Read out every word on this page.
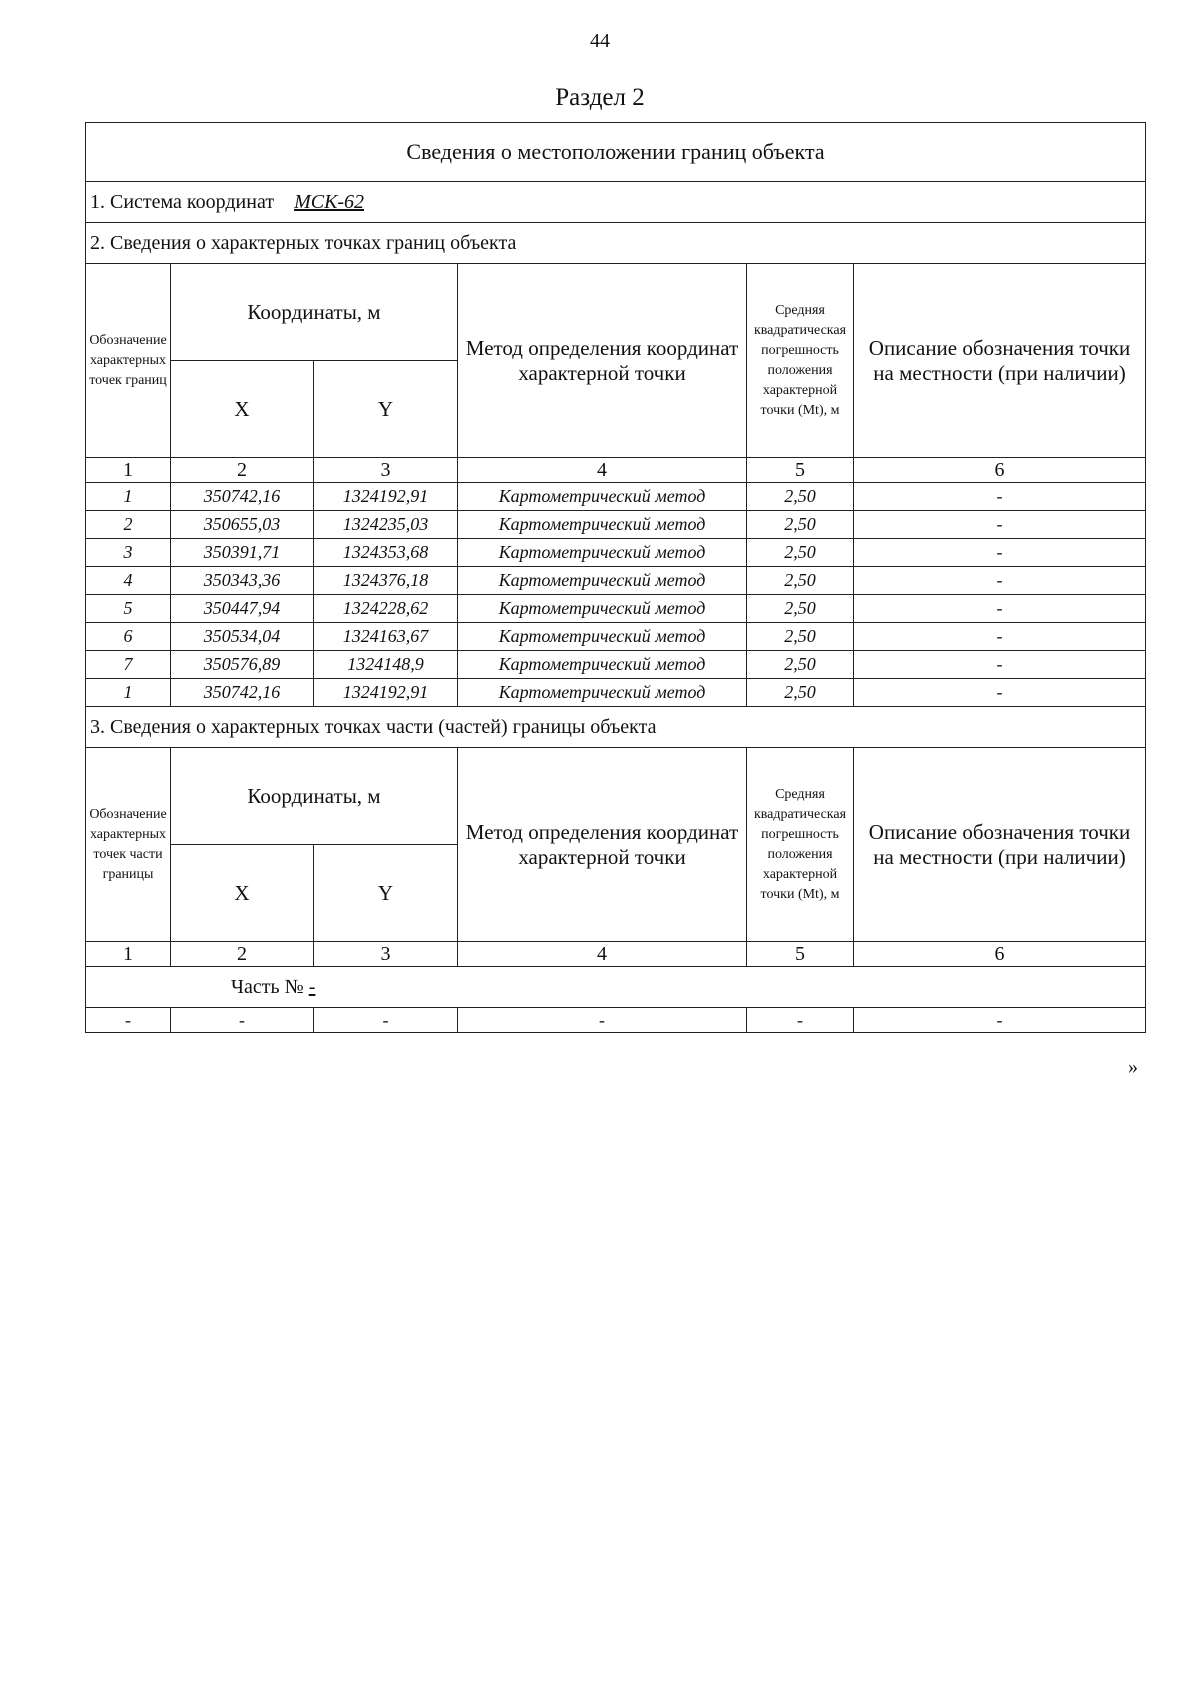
44
Раздел 2
Сведения о местоположении границ объекта					
1. Система координат МСК-62					
2. Сведения о характерных точках границ объекта					
Обозначение характерных точек границ	Координаты, м		Метод определения координат характерной точки	Средняя квадратическая погрешность положения характерной точки (Mt), м	Описание обозначения точки на местности (при наличии)
	X	Y			
1	2	3	4	5	6
1	350742,16	1324192,91	Картометрический метод	2,50	-
2	350655,03	1324235,03	Картометрический метод	2,50	-
3	350391,71	1324353,68	Картометрический метод	2,50	-
4	350343,36	1324376,18	Картометрический метод	2,50	-
5	350447,94	1324228,62	Картометрический метод	2,50	-
6	350534,04	1324163,67	Картометрический метод	2,50	-
7	350576,89	1324148,9	Картометрический метод	2,50	-
1	350742,16	1324192,91	Картометрический метод	2,50	-
3. Сведения о характерных точках части (частей) границы объекта					
Обозначение характерных точек части границы	Координаты, м		Метод определения координат характерной точки	Средняя квадратическая погрешность положения характерной точки (Mt), м	Описание обозначения точки на местности (при наличии)
	X	Y			
1	2	3	4	5	6
Часть № -					
-	-	-	-	-	-
»
